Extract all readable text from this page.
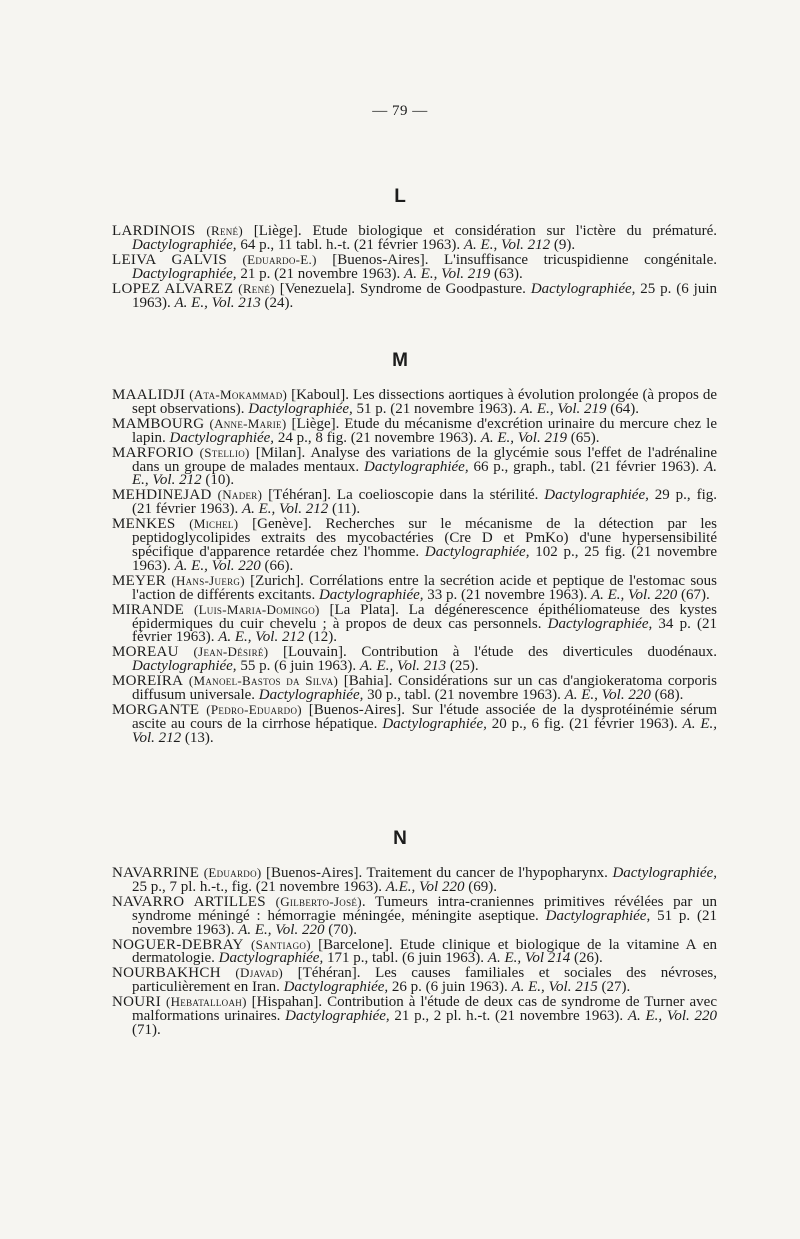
— 79 —
L
LARDINOIS (René) [Liège]. Etude biologique et considération sur l'ictère du prématuré. Dactylographiée, 64 p., 11 tabl. h.-t. (21 février 1963). A. E., Vol. 212 (9).
LEIVA GALVIS (Eduardo-E.) [Buenos-Aires]. L'insuffisance tricuspidienne congénitale. Dactylographiée, 21 p. (21 novembre 1963). A. E., Vol. 219 (63).
LOPEZ ALVAREZ (René) [Venezuela]. Syndrome de Goodpasture. Dactylographiée, 25 p. (6 juin 1963). A. E., Vol. 213 (24).
M
MAALIDJI (Ata-Mokammad) [Kaboul]. Les dissections aortiques à évolution prolongée (à propos de sept observations). Dactylographiée, 51 p. (21 novembre 1963). A. E., Vol. 219 (64).
MAMBOURG (Anne-Marie) [Liège]. Etude du mécanisme d'excrétion urinaire du mercure chez le lapin. Dactylographiée, 24 p., 8 fig. (21 novembre 1963). A. E., Vol. 219 (65).
MARFORIO (Stellio) [Milan]. Analyse des variations de la glycémie sous l'effet de l'adrénaline dans un groupe de malades mentaux. Dactylographiée, 66 p., graph., tabl. (21 février 1963). A. E., Vol. 212 (10).
MEHDINEJAD (Nader) [Téhéran]. La coelioscopie dans la stérilité. Dactylographiée, 29 p., fig. (21 février 1963). A. E., Vol. 212 (11).
MENKES (Michel) [Genève]. Recherches sur le mécanisme de la détection par les peptidoglycolipides extraits des mycobactéries (Cre D et PmKo) d'une hypersensibilité spécifique d'apparence retardée chez l'homme. Dactylographiée, 102 p., 25 fig. (21 novembre 1963). A. E., Vol. 220 (66).
MEYER (Hans-Juerg) [Zurich]. Corrélations entre la secrétion acide et peptique de l'estomac sous l'action de différents excitants. Dactylographiée, 33 p. (21 novembre 1963). A. E., Vol. 220 (67).
MIRANDE (Luis-Maria-Domingo) [La Plata]. La dégénerescence épithéliomateuse des kystes épidermiques du cuir chevelu ; à propos de deux cas personnels. Dactylographiée, 34 p. (21 février 1963). A. E., Vol. 212 (12).
MOREAU (Jean-Désiré) [Louvain]. Contribution à l'étude des diverticules duodénaux. Dactylographiée, 55 p. (6 juin 1963). A. E., Vol. 213 (25).
MOREIRA (Manoel-Bastos da Silva) [Bahia]. Considérations sur un cas d'angiokeratoma corporis diffusum universale. Dactylographiée, 30 p., tabl. (21 novembre 1963). A. E., Vol. 220 (68).
MORGANTE (Pedro-Eduardo) [Buenos-Aires]. Sur l'étude associée de la dysprotéinémie sérum ascite au cours de la cirrhose hépatique. Dactylographiée, 20 p., 6 fig. (21 février 1963). A. E., Vol. 212 (13).
N
NAVARRINE (Eduardo) [Buenos-Aires]. Traitement du cancer de l'hypopharynx. Dactylographiée, 25 p., 7 pl. h.-t., fig. (21 novembre 1963). A.E., Vol 220 (69).
NAVARRO ARTILLES (Gilberto-José). Tumeurs intra-craniennes primitives révélées par un syndrome méningé : hémorragie méningée, méningite aseptique. Dactylographiée, 51 p. (21 novembre 1963). A. E., Vol. 220 (70).
NOGUER-DEBRAY (Santiago) [Barcelone]. Etude clinique et biologique de la vitamine A en dermatologie. Dactylographiée, 171 p., tabl. (6 juin 1963). A. E., Vol 214 (26).
NOURBAKHCH (Djavad) [Téhéran]. Les causes familiales et sociales des névroses, particulièrement en Iran. Dactylographiée, 26 p. (6 juin 1963). A. E., Vol. 215 (27).
NOURI (Hebatalloah) [Hispahan]. Contribution à l'étude de deux cas de syndrome de Turner avec malformations urinaires. Dactylographiée, 21 p., 2 pl. h.-t. (21 novembre 1963). A. E., Vol. 220 (71).
